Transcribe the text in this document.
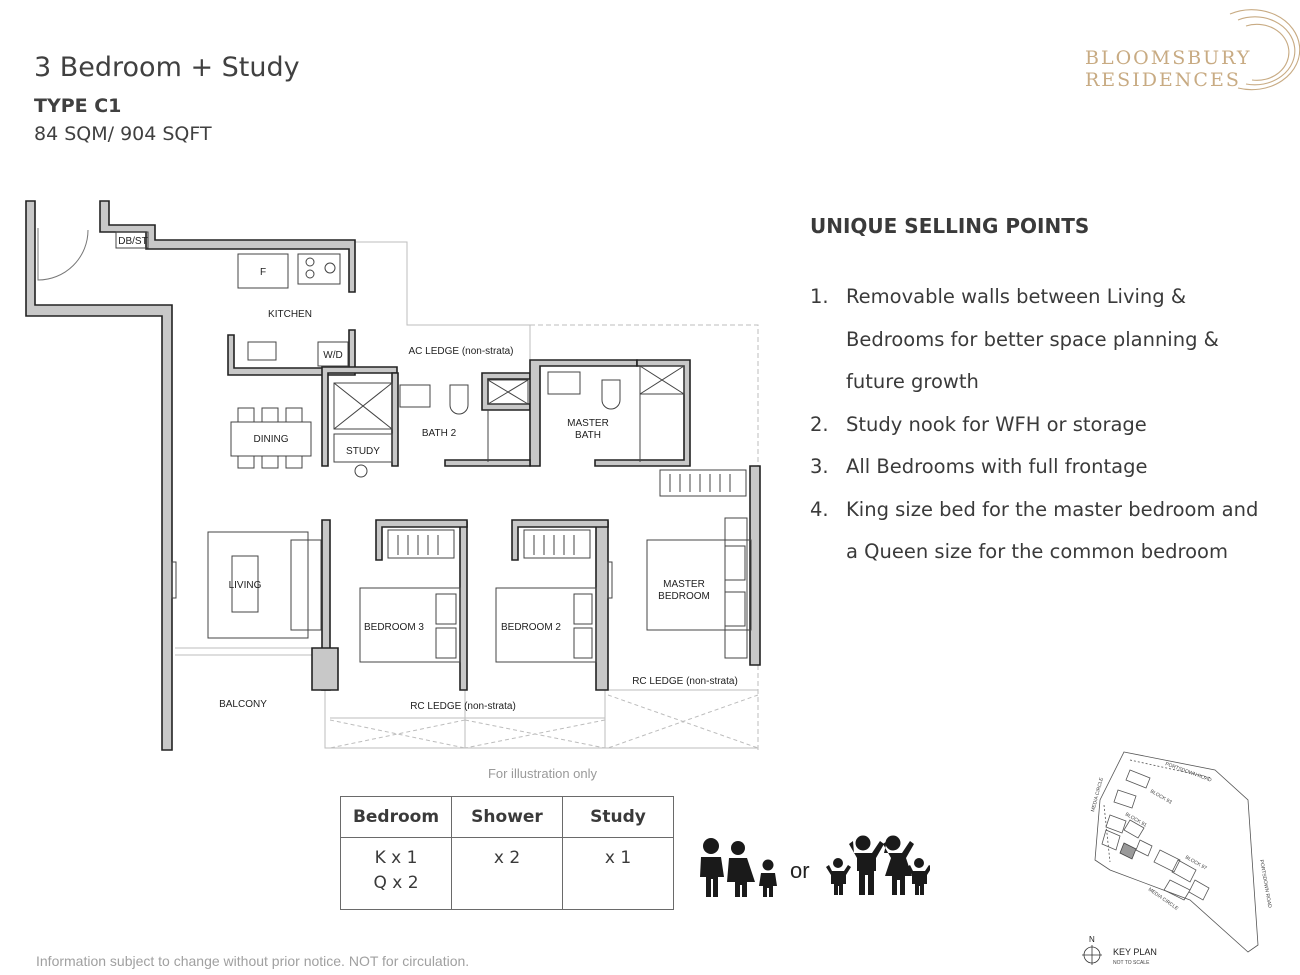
3 Bedroom + Study
TYPE C1
84 SQM/ 904 SQFT
BLOOMSBURY
RESIDENCES
UNIQUE SELLING POINTS
1. Removable walls between Living & Bedrooms for better space planning & future growth
2. Study nook for WFH or storage
3. All Bedrooms with full frontage
4. King size bed for the master bedroom and a Queen size for the common bedroom
DB/ST
F
KITCHEN
W/D	AC LEDGE (non-strata)
BATH 2
MASTER
BATH
DINING
STUDY
LIVING
BEDROOM 3	BEDROOM 2
MASTER
BEDROOM
RC LEDGE (non-strata)
BALCONY	RC LEDGE (non-strata)
For illustration only
Bedroom	Shower	Study

K x 1
Q x 2	x 2	x 1	or
PORTSDOWN ROAD
PORTSDOWN ROAD
MEDIA CIRCLE
MEDIA CIRCLE
BLOCK 93
BLOCK 91
BLOCK 97
N
KEY PLAN
NOT TO SCALE
Information subject to change without prior notice. NOT for circulation.
